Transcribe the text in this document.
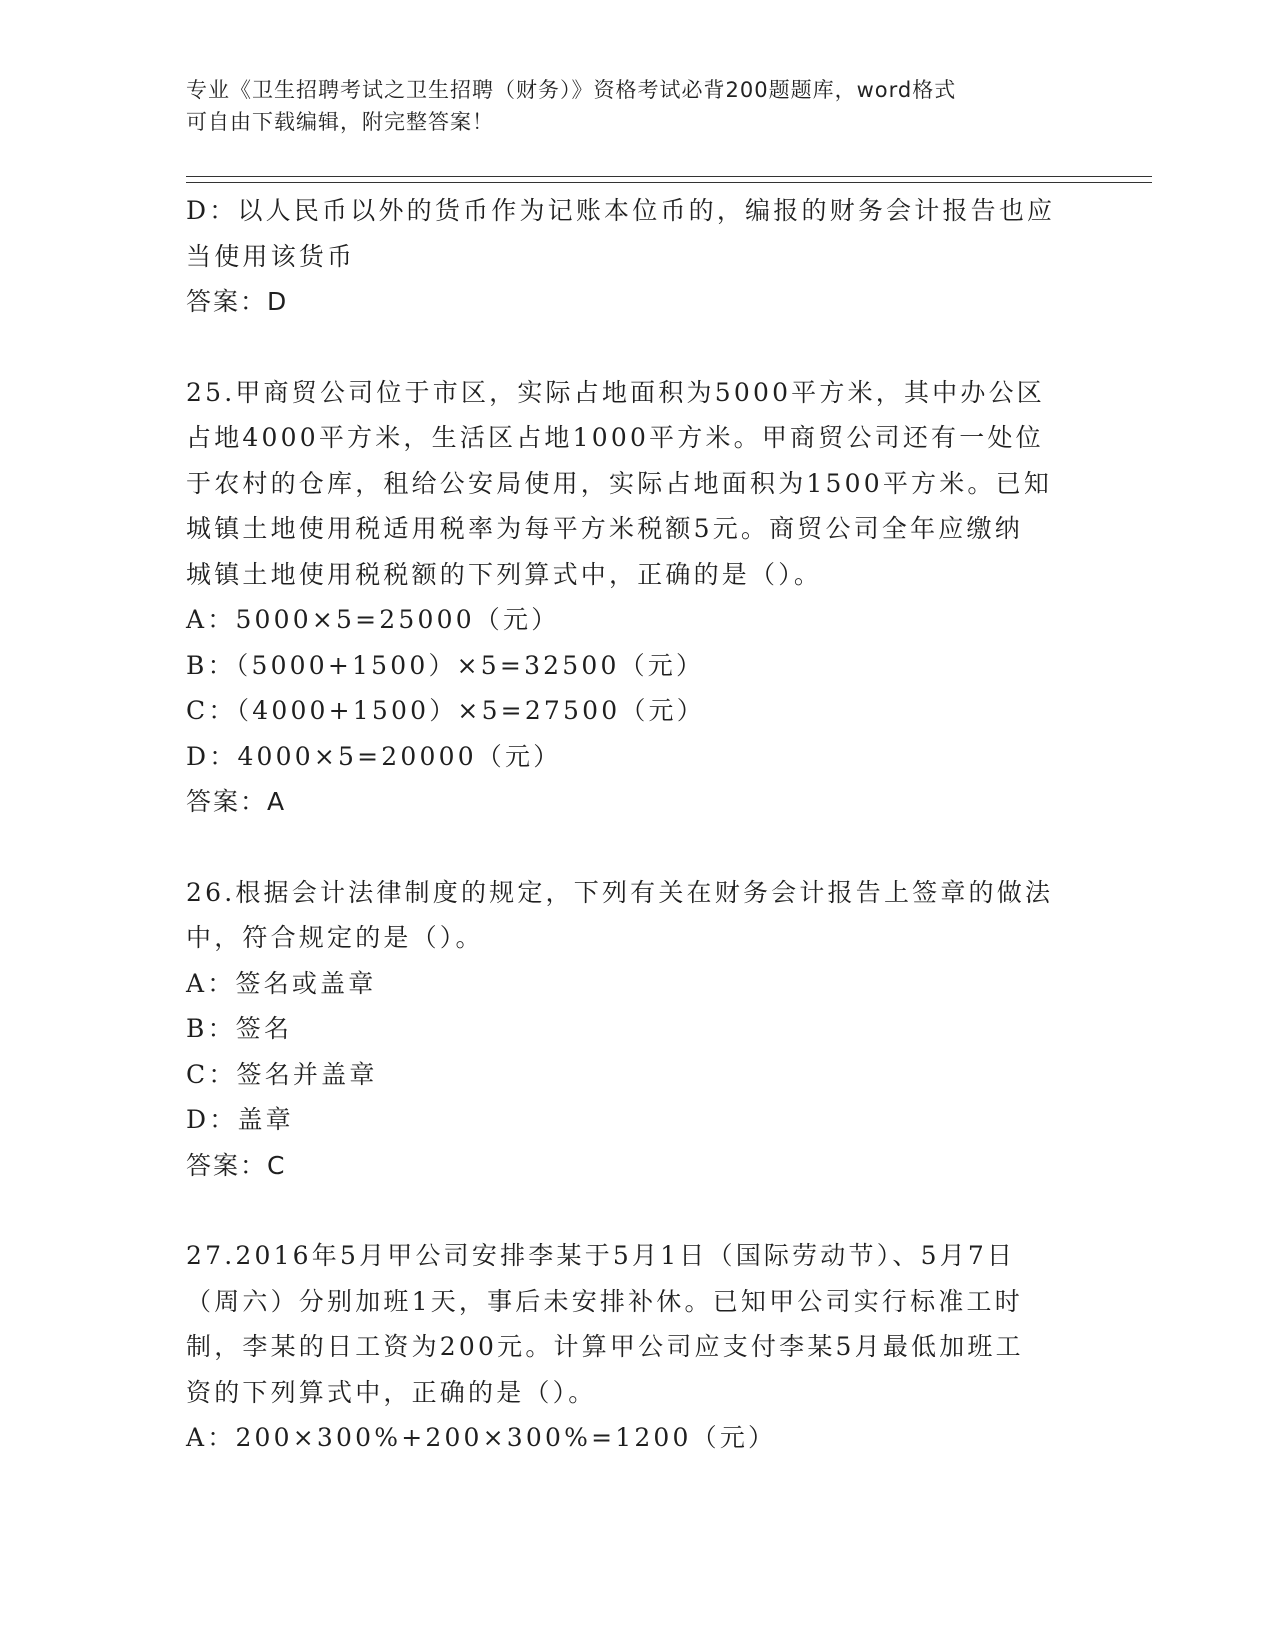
专业《卫生招聘考试之卫生招聘（财务）》资格考试必背200题题库，word格式
可自由下载编辑，附完整答案！
D：以人民币以外的货币作为记账本位币的，编报的财务会计报告也应
当使用该货币
答案：D
25.甲商贸公司位于市区，实际占地面积为5000平方米，其中办公区
占地4000平方米，生活区占地1000平方米。甲商贸公司还有一处位
于农村的仓库，租给公安局使用，实际占地面积为1500平方米。已知
城镇土地使用税适用税率为每平方米税额5元。商贸公司全年应缴纳
城镇土地使用税税额的下列算式中，正确的是（）。
A：5000×5=25000（元）
B：（5000+1500）×5=32500（元）
C：（4000+1500）×5=27500（元）
D：4000×5=20000（元）
答案：A
26.根据会计法律制度的规定，下列有关在财务会计报告上签章的做法
中，符合规定的是（）。
A：签名或盖章
B：签名
C：签名并盖章
D：盖章
答案：C
27.2016年5月甲公司安排李某于5月1日（国际劳动节）、5月7日
（周六）分别加班1天，事后未安排补休。已知甲公司实行标准工时
制，李某的日工资为200元。计算甲公司应支付李某5月最低加班工
资的下列算式中，正确的是（）。
A：200×300%+200×300%=1200（元）
